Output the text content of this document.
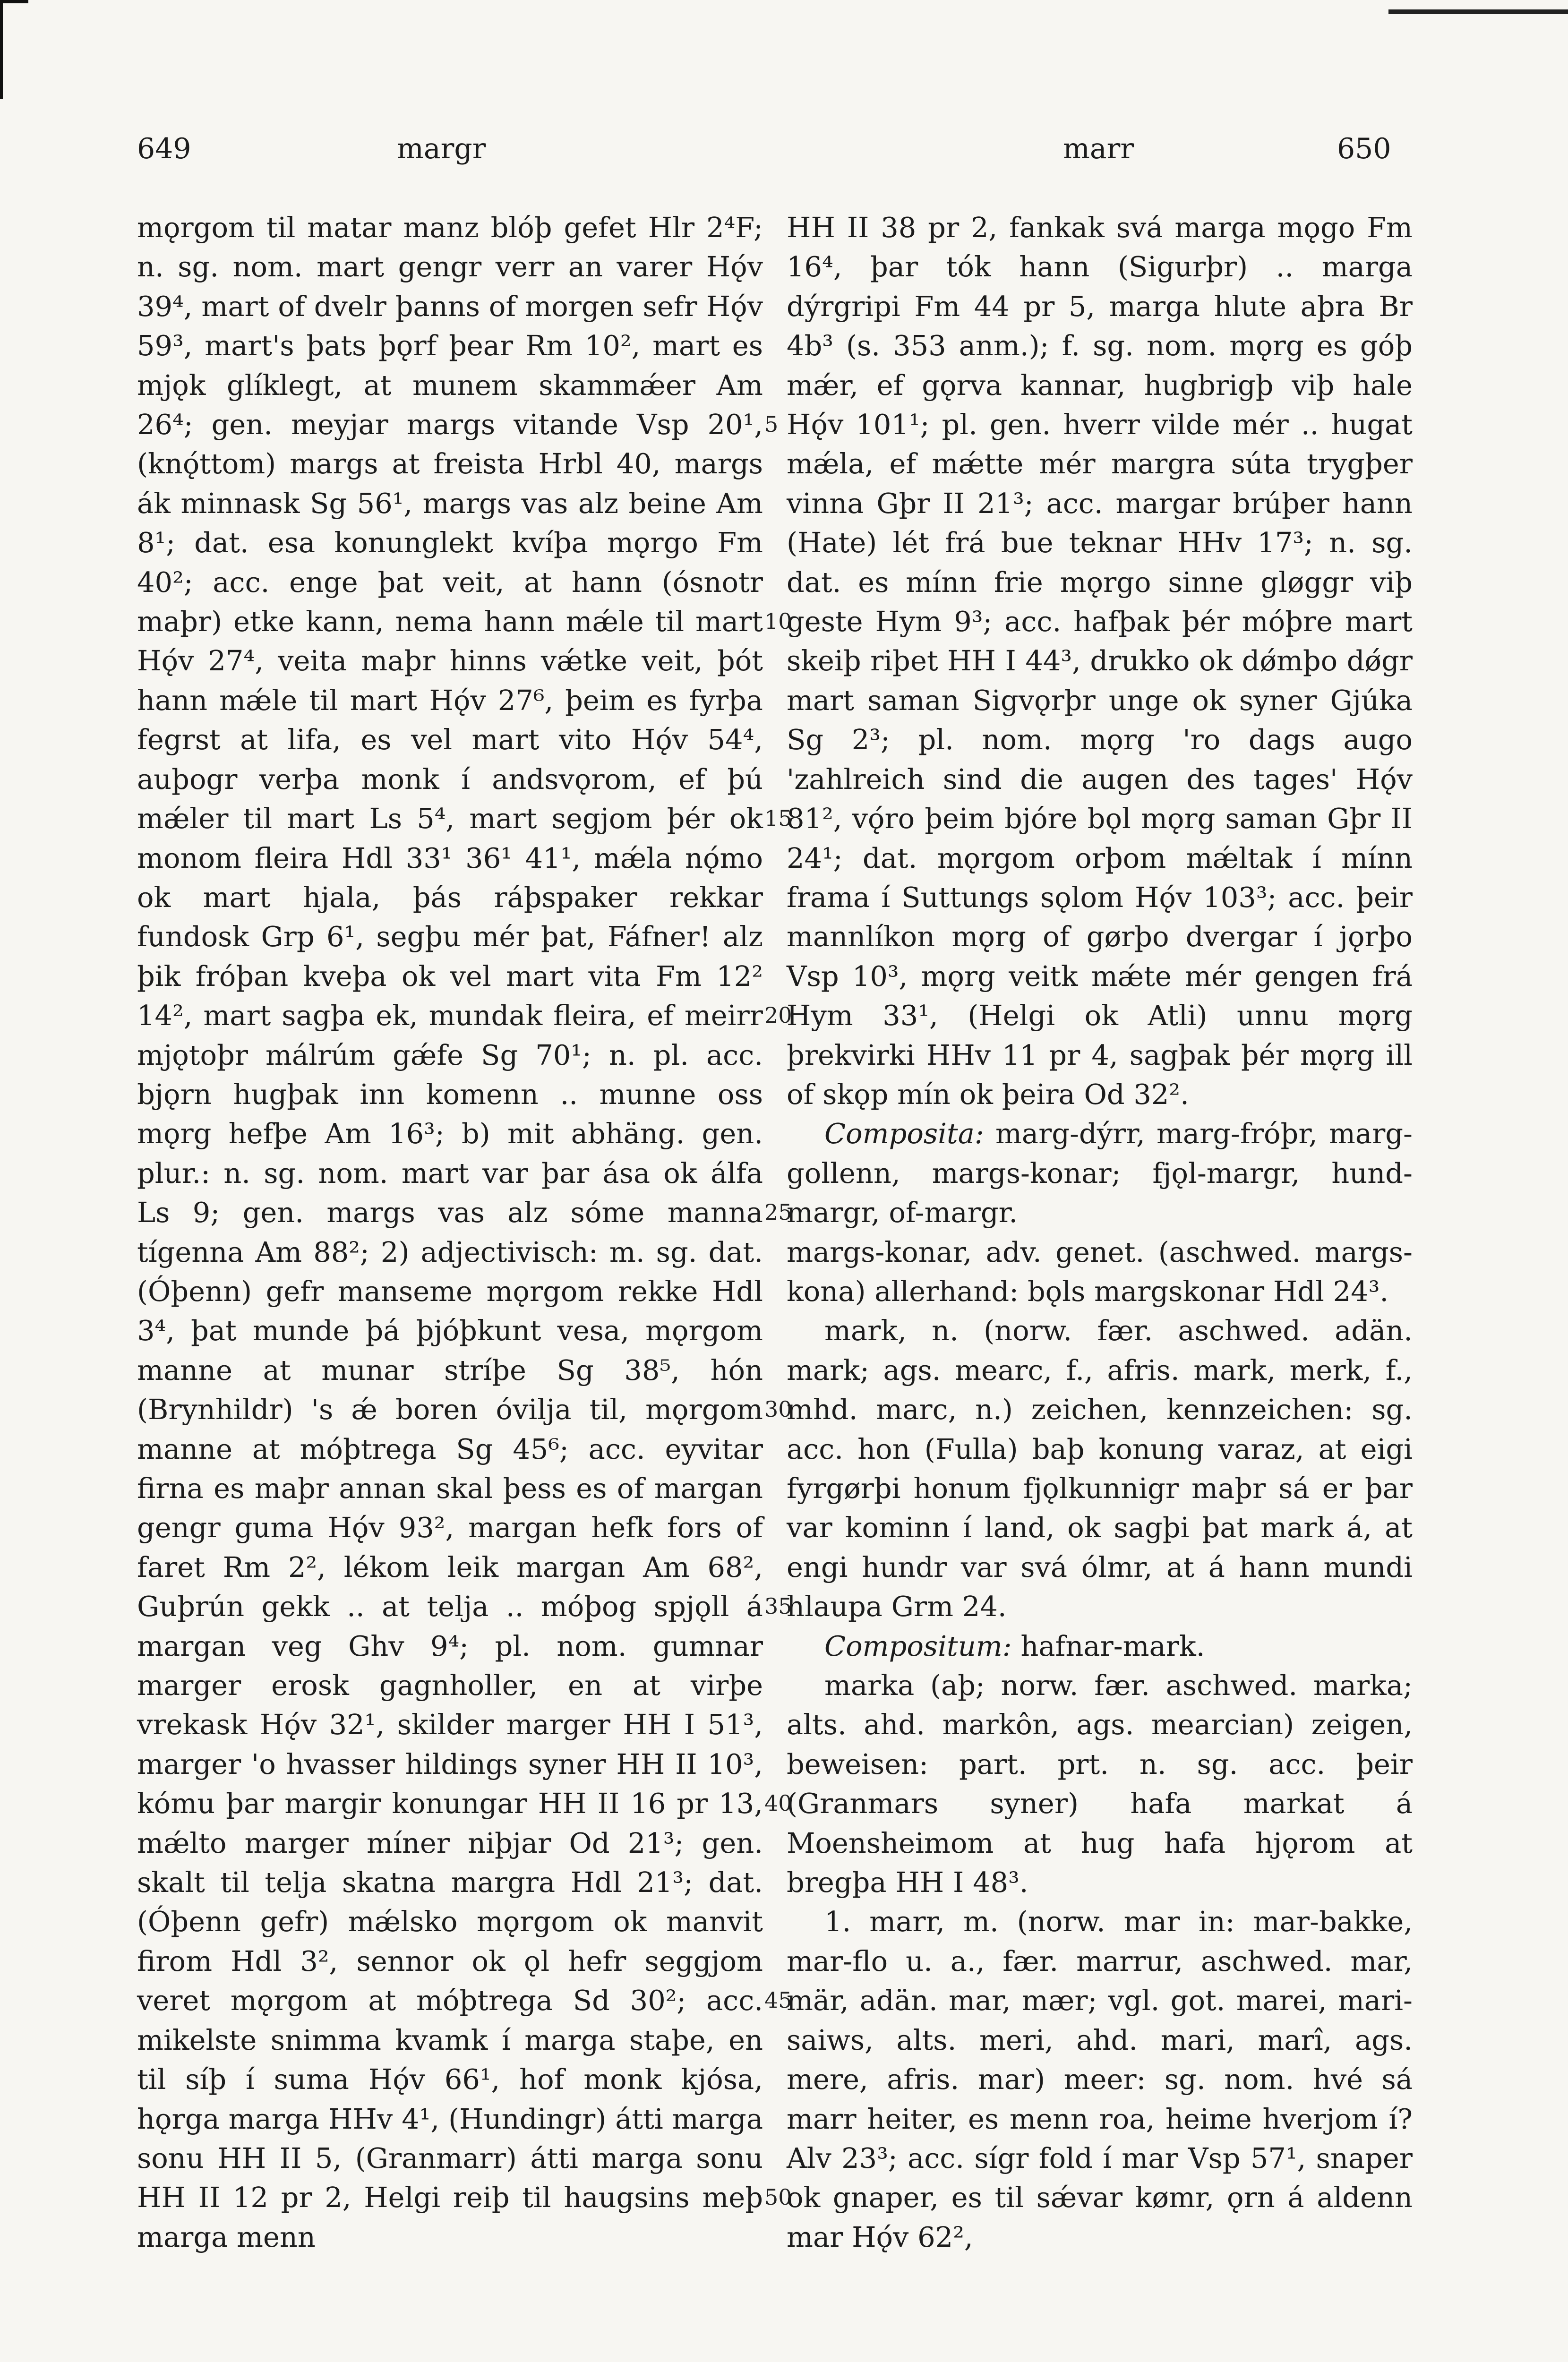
649	margr	marr	650

mǫrgom til matar manz blóþ gefet Hlr 2⁴F; n. sg. nom. mart gengr verr an varer Hǫ́v 39⁴, mart of dvelr þanns of morgen sefr Hǫ́v 59³, mart's þats þǫrf þear Rm 10², mart es mjǫk glíklegt, at munem skammǽer Am 26⁴; gen. meyjar margs vitande Vsp 20¹, (knǫ́ttom) margs at freista Hrbl 40, margs ák minnask Sg 56¹, margs vas alz beine Am 8¹; dat. esa konunglekt kvíþa mǫrgo Fm 40²; acc. enge þat veit, at hann (ósnotr maþr) etke kann, nema hann mǽle til mart Hǫ́v 27⁴, veita maþr hinns vǽtke veit, þót hann mǽle til mart Hǫ́v 27⁶, þeim es fyrþa fegrst at lifa, es vel mart vito Hǫ́v 54⁴, auþogr verþa monk í andsvǫrom, ef þú mǽler til mart Ls 5⁴, mart segjom þér ok monom fleira Hdl 33¹ 36¹ 41¹, mǽla nǫ́mo ok mart hjala, þás ráþspaker rekkar fundosk Grp 6¹, segþu mér þat, Fáfner! alz þik fróþan kveþa ok vel mart vita Fm 12² 14², mart sagþa ek, mundak fleira, ef meirr mjǫtoþr málrúm gǽfe Sg 70¹; n. pl. acc. bjǫrn hugþak inn komenn .. munne oss mǫrg hefþe Am 16³; b) mit abhäng. gen. plur.: n. sg. nom. mart var þar ása ok álfa Ls 9; gen. margs vas alz sóme manna tígenna Am 88²; 2) adjectivisch: m. sg. dat. (Óþenn) gefr manseme mǫrgom rekke Hdl 3⁴, þat munde þá þjóþkunt vesa, mǫrgom manne at munar stríþe Sg 38⁵, hón (Brynhildr) 's ǽ boren óvilja til, mǫrgom manne at móþtrega Sg 45⁶; acc. eyvitar firna es maþr annan skal þess es of margan gengr guma Hǫ́v 93², margan hefk fors of faret Rm 2², lékom leik margan Am 68², Guþrún gekk .. at telja .. móþog spjǫll á margan veg Ghv 9⁴; pl. nom. gumnar marger erosk gagnholler, en at virþe vrekask Hǫ́v 32¹, skilder marger HH I 51³, marger 'o hvasser hildings syner HH II 10³, kómu þar margir konungar HH II 16 pr 13, mǽlto marger míner niþjar Od 21³; gen. skalt til telja skatna margra Hdl 21³; dat. (Óþenn gefr) mǽlsko mǫrgom ok manvit firom Hdl 3², sennor ok ǫl hefr seggjom veret mǫrgom at móþtrega Sd 30²; acc. mikelste snimma kvamk í marga staþe, en til síþ í suma Hǫ́v 66¹, hof monk kjósa, hǫrga marga HHv 4¹, (Hundingr) átti marga sonu HH II 5, (Granmarr) átti marga sonu HH II 12 pr 2, Helgi reiþ til haugsins meþ marga menn

5
10
15
20
25
30
35
40
45
50

HH II 38 pr 2, fankak svá marga mǫgo Fm 16⁴, þar tók hann (Sigurþr) .. marga dýrgripi Fm 44 pr 5, marga hlute aþra Br 4b³ (s. 353 anm.); f. sg. nom. mǫrg es góþ mǽr, ef gǫrva kannar, hugbrigþ viþ hale Hǫ́v 101¹; pl. gen. hverr vilde mér .. hugat mǽla, ef mǽtte mér margra súta trygþer vinna Gþr II 21³; acc. margar brúþer hann (Hate) lét frá bue teknar HHv 17³; n. sg. dat. es mínn frie mǫrgo sinne gløggr viþ geste Hym 9³; acc. hafþak þér móþre mart skeiþ riþet HH I 44³, drukko ok dǿmþo dǿgr mart saman Sigvǫrþr unge ok syner Gjúka Sg 2³; pl. nom. mǫrg 'ro dags augo 'zahlreich sind die augen des tages' Hǫ́v 81², vǫ́ro þeim bjóre bǫl mǫrg saman Gþr II 24¹; dat. mǫrgom orþom mǽltak í mínn frama í Suttungs sǫlom Hǫ́v 103³; acc. þeir mannlíkon mǫrg of gørþo dvergar í jǫrþo Vsp 10³, mǫrg veitk mǽte mér gengen frá Hym 33¹, (Helgi ok Atli) unnu mǫrg þrekvirki HHv 11 pr 4, sagþak þér mǫrg ill of skǫp mín ok þeira Od 32².

Composita: marg-dýrr, marg-fróþr, marg-gollenn, margs-konar; fjǫl-margr, hund-margr, of-margr.

margs-konar, adv. genet. (aschwed. margs-kona) allerhand: bǫls margskonar Hdl 24³.

mark, n. (norw. fær. aschwed. adän. mark; ags. mearc, f., afris. mark, merk, f., mhd. marc, n.) zeichen, kennzeichen: sg. acc. hon (Fulla) baþ konung varaz, at eigi fyrgørþi honum fjǫlkunnigr maþr sá er þar var kominn í land, ok sagþi þat mark á, at engi hundr var svá ólmr, at á hann mundi hlaupa Grm 24.

Compositum: hafnar-mark.

marka (aþ; norw. fær. aschwed. marka; alts. ahd. markôn, ags. mearcian) zeigen, beweisen: part. prt. n. sg. acc. þeir (Granmars syner) hafa markat á Moensheimom at hug hafa hjǫrom at bregþa HH I 48³.

1. marr, m. (norw. mar in: mar-bakke, mar-flo u. a., fær. marrur, aschwed. mar, mär, adän. mar, mær; vgl. got. marei, mari-saiws, alts. meri, ahd. mari, marî, ags. mere, afris. mar) meer: sg. nom. hvé sá marr heiter, es menn roa, heime hverjom í? Alv 23³; acc. sígr fold í mar Vsp 57¹, snaper ok gnaper, es til sǽvar kømr, ǫrn á aldenn mar Hǫ́v 62²,
